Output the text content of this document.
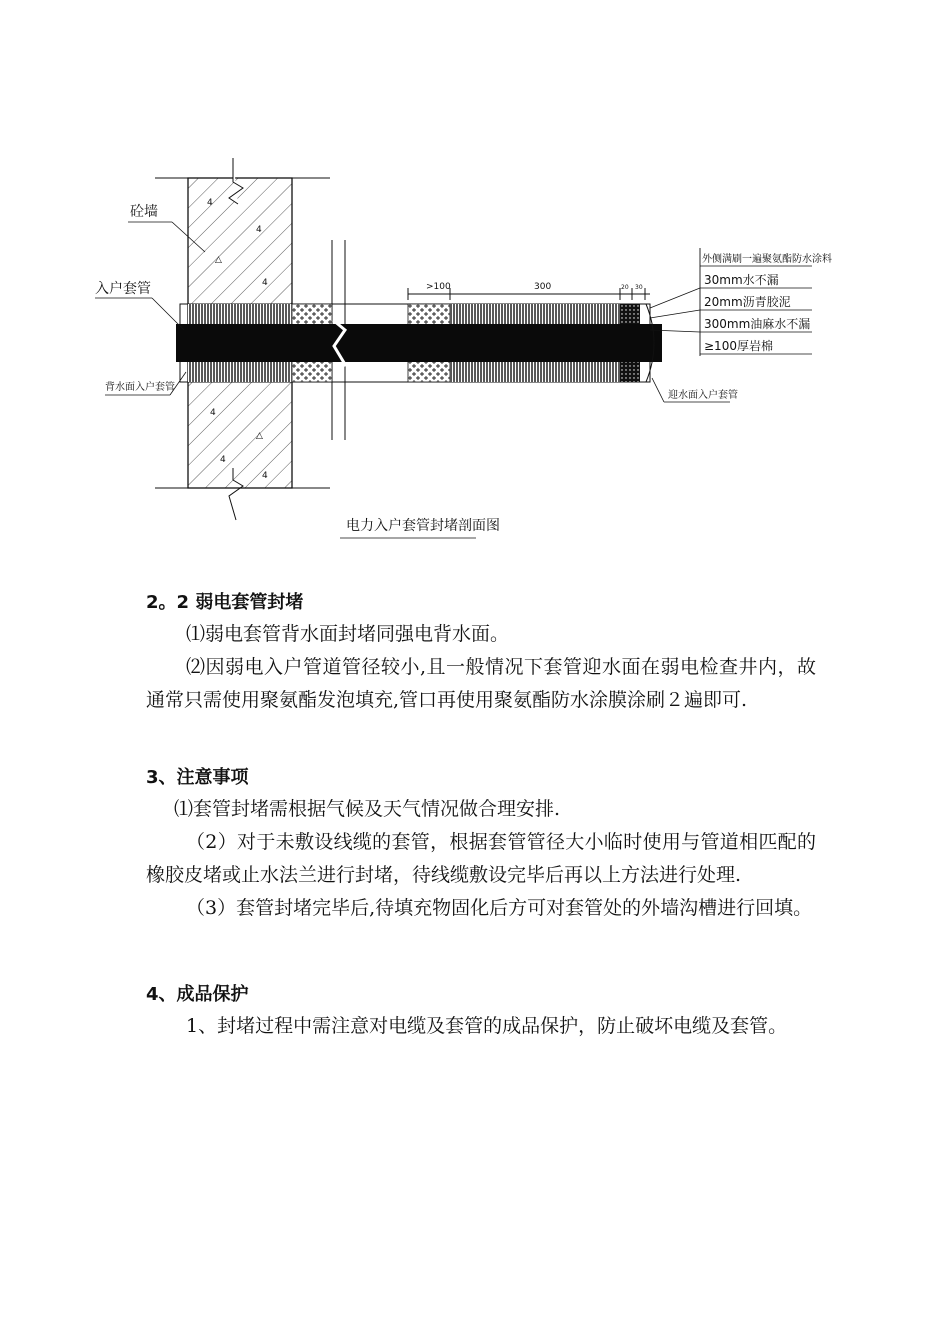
4
4
△
4
4
△
4
4
>100	300	20 30
砼墙
入户套管
背水面入户套管
外侧满刷一遍聚氨酯防水涂料
30mm水不漏
20mm沥青胶泥
300mm油麻水不漏
≥100厚岩棉
迎水面入户套管
电力入户套管封堵剖面图
2。2 弱电套管封堵

⑴弱电套管背水面封堵同强电背水面。

⑵因弱电入户管道管径较小,且一般情况下套管迎水面在弱电检查井内，故通常只需使用聚氨酯发泡填充,管口再使用聚氨酯防水涂膜涂刷２遍即可.

3、注意事项

⑴套管封堵需根据气候及天气情况做合理安排.

（2）对于未敷设线缆的套管，根据套管管径大小临时使用与管道相匹配的橡胶皮堵或止水法兰进行封堵，待线缆敷设完毕后再以上方法进行处理.

（3）套管封堵完毕后,待填充物固化后方可对套管处的外墙沟槽进行回填。

4、成品保护

1、封堵过程中需注意对电缆及套管的成品保护，防止破坏电缆及套管。
